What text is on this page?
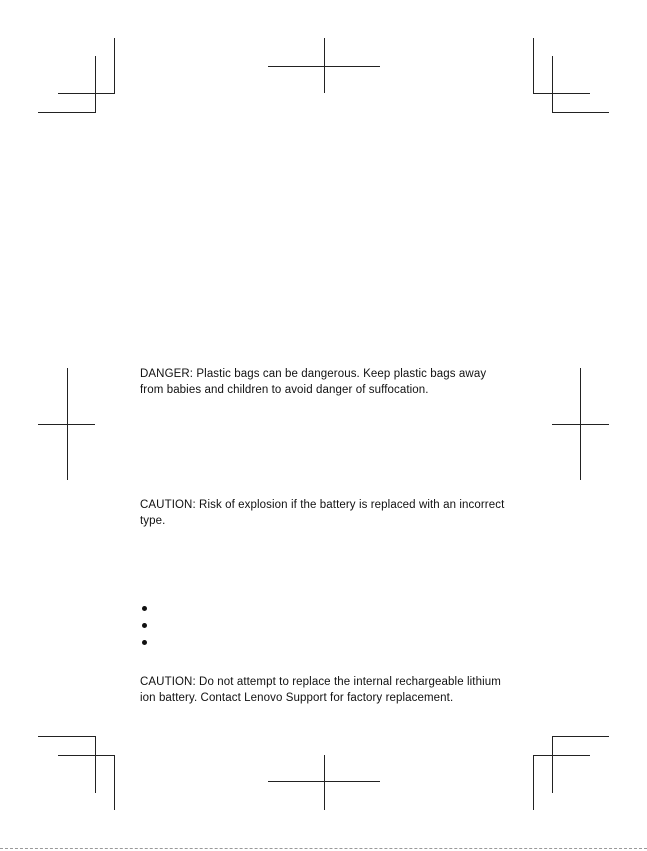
DANGER: Plastic bags can be dangerous. Keep plastic bags away from babies and children to avoid danger of suffocation.

CAUTION: Risk of explosion if the battery is replaced with an incorrect type.

CAUTION: Do not attempt to replace the internal rechargeable lithium ion battery. Contact Lenovo Support for factory replacement.
